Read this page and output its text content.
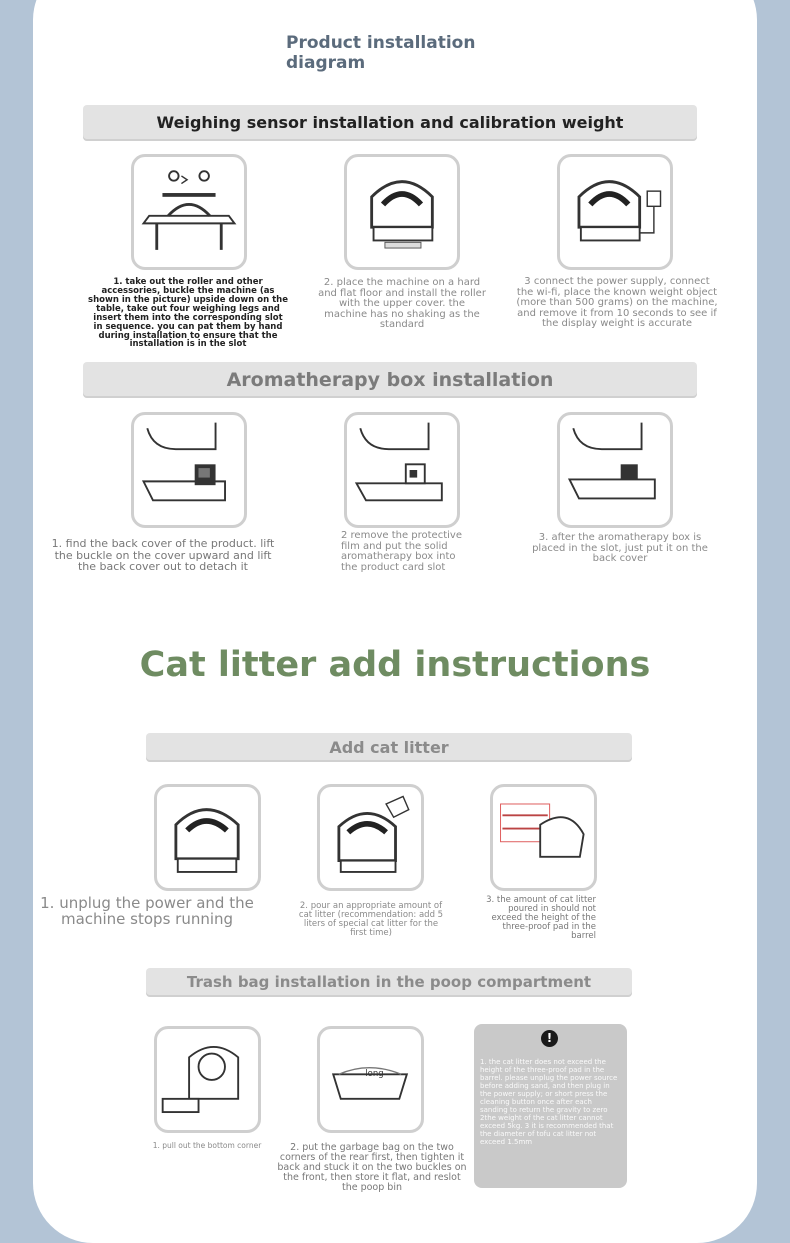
Product installation diagram
Weighing sensor installation and calibration weight
1. take out the roller and other accessories, buckle the machine (as shown in the picture) upside down on the table, take out four weighing legs and insert them into the corresponding slot in sequence. you can pat them by hand during installation to ensure that the installation is in the slot
2. place the machine on a hard and flat floor and install the roller with the upper cover. the machine has no shaking as the standard
3 connect the power supply, connect the wi-fi, place the known weight object (more than 500 grams) on the machine, and remove it from 10 seconds to see if the display weight is accurate
Aromatherapy box installation
1. find the back cover of the product. lift the buckle on the cover upward and lift the back cover out to detach it
2 remove the protective film and put the solid aromatherapy box into the product card slot
3. after the aromatherapy box is placed in the slot, just put it on the back cover
Cat litter add instructions
Add cat litter
1. unplug the power and the machine stops running
2. pour an appropriate amount of cat litter (recommendation: add 5 liters of special cat litter for the first time)
3. the amount of cat litter poured in should not exceed the height of the three-proof pad in the barrel
Trash bag installation in the poop compartment
long
1. pull out the bottom corner	2. put the garbage bag on the two corners of the rear first, then tighten it back and stuck it on the two buckles on the front, then store it flat, and reslot the poop bin
!
1. the cat litter does not exceed the height of the three-proof pad in the barrel. please unplug the power source before adding sand, and then plug in the power supply; or short press the cleaning button once after each sanding to return the gravity to zero 2the weight of the cat litter cannot exceed 5kg. 3 it is recommended that the diameter of tofu cat litter not exceed 1.5mm
